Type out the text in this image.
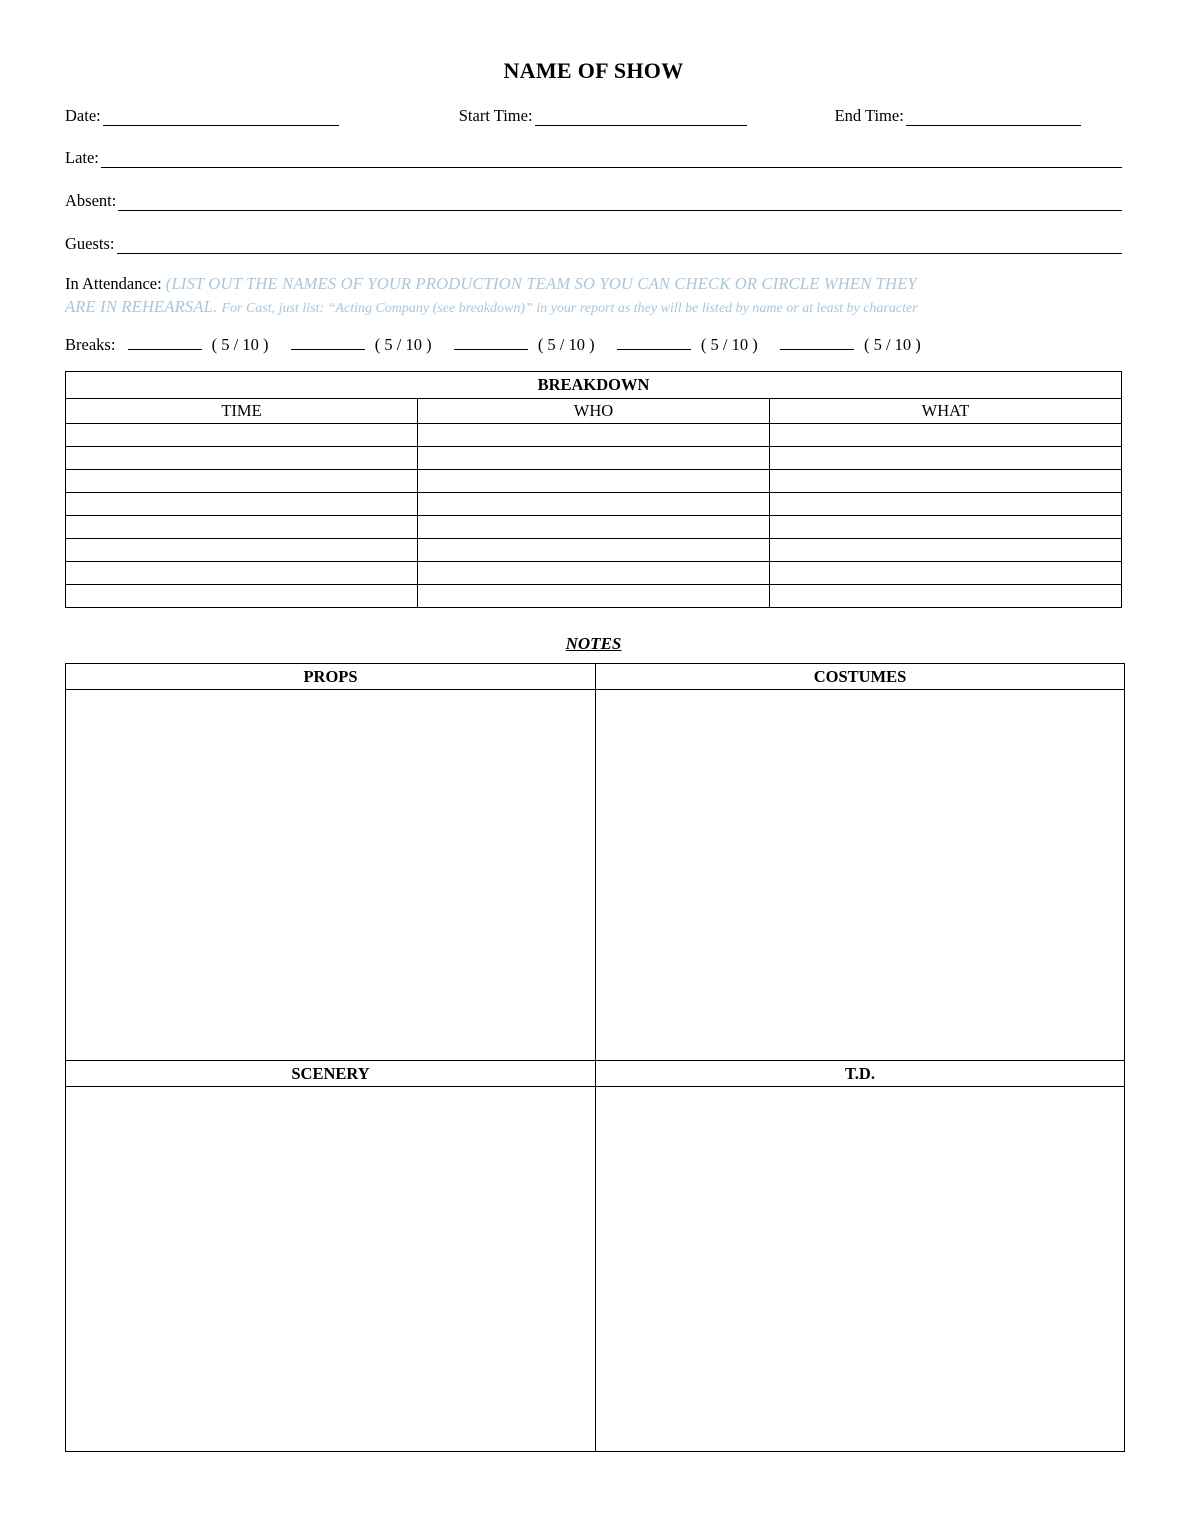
NAME OF SHOW
Date:	Start Time:	End Time:
Late:
Absent:
Guests:
In Attendance: (LIST OUT THE NAMES OF YOUR PRODUCTION TEAM SO YOU CAN CHECK OR CIRCLE WHEN THEY
ARE IN REHEARSAL. For Cast, just list: “Acting Company (see breakdown)” in your report as they will be listed by name or at least by character
Breaks:	( 5 / 10 )	( 5 / 10 )	( 5 / 10 )	( 5 / 10 )	( 5 / 10 )
BREAKDOWN		
TIME	WHO	WHAT

NOTES
PROPS	COSTUMES

SCENERY	T.D.
